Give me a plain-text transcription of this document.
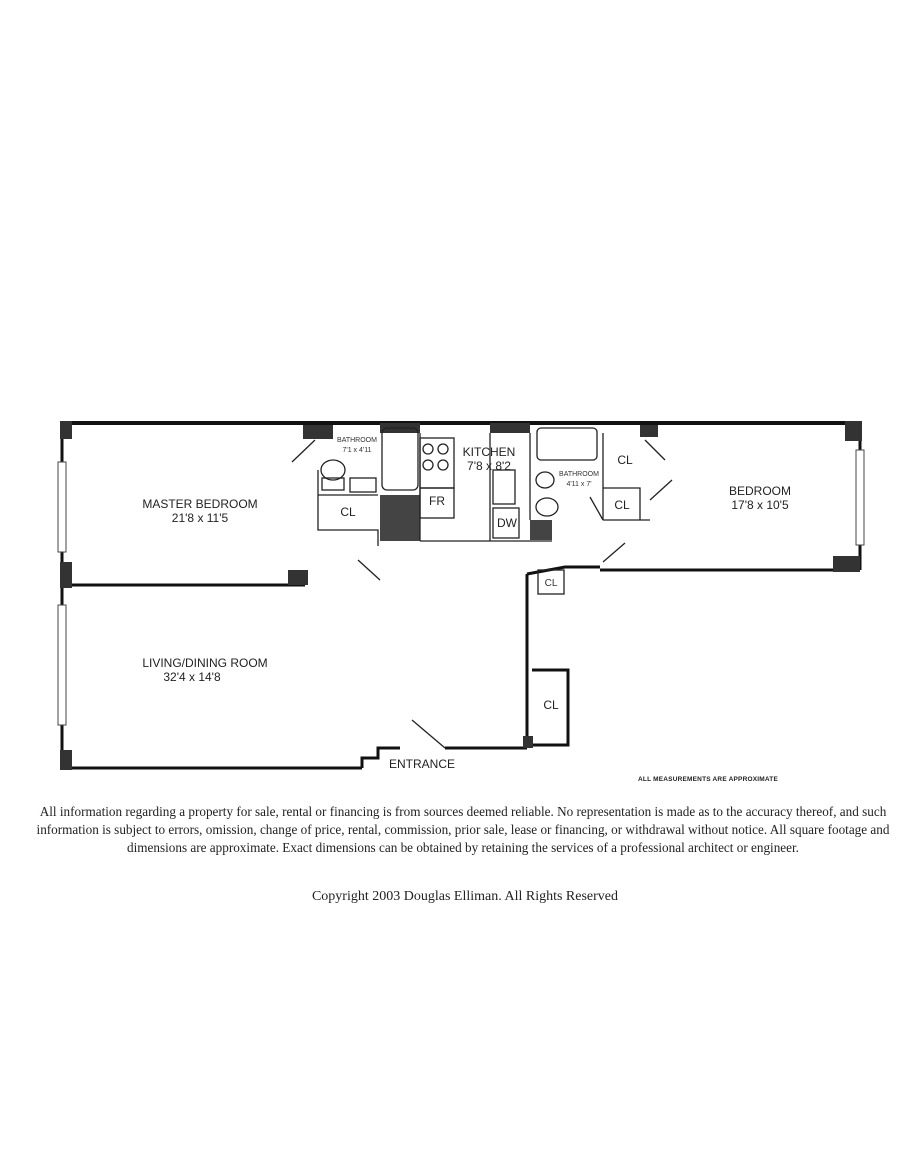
MASTER BEDROOM
21'8 x 11'5
BATHROOM
7'1 x 4'11	KITCHEN
7'8 x 8'2
BATHROOM
4'11 x 7'	BEDROOM
17'8 x 10'5
LIVING/DINING ROOM
32'4 x 14'8
CL
FR
DW
CL
CL
CL
CL
ENTRANCE
ALL MEASUREMENTS ARE APPROXIMATE
All information regarding a property for sale, rental or financing is from sources deemed reliable. No representation is made as to the accuracy thereof, and such information is subject to errors, omission, change of price, rental, commission, prior sale, lease or financing, or withdrawal without notice. All square footage and dimensions are approximate. Exact dimensions can be obtained by retaining the services of a professional architect or engineer.
Copyright 2003 Douglas Elliman. All Rights Reserved
